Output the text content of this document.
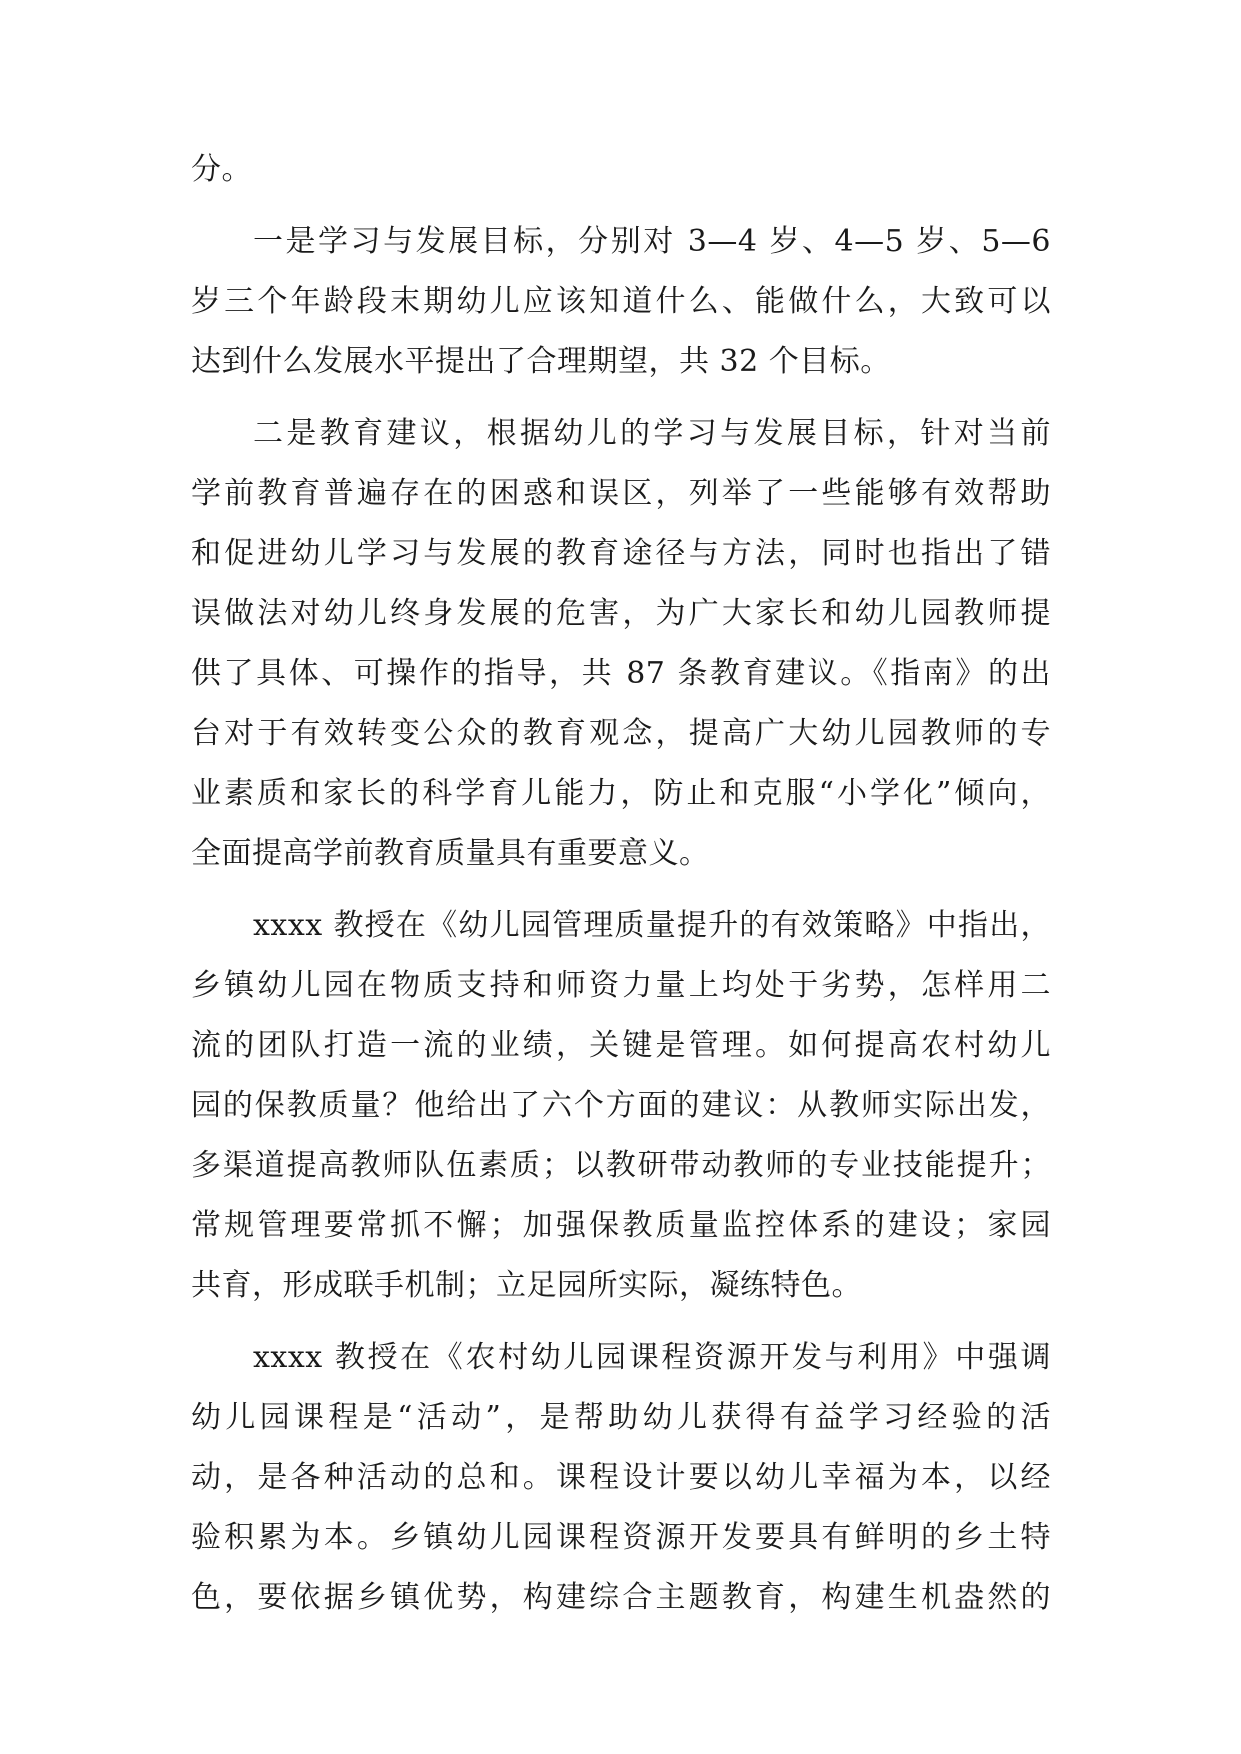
分。
一是学习与发展目标，分别对 3—4 岁、4—5 岁、5—6
岁三个年龄段末期幼儿应该知道什么、能做什么，大致可以
达到什么发展水平提出了合理期望，共 32 个目标。
二是教育建议，根据幼儿的学习与发展目标，针对当前
学前教育普遍存在的困惑和误区，列举了一些能够有效帮助
和促进幼儿学习与发展的教育途径与方法，同时也指出了错
误做法对幼儿终身发展的危害，为广大家长和幼儿园教师提
供了具体、可操作的指导，共 87 条教育建议。《指南》的出
台对于有效转变公众的教育观念，提高广大幼儿园教师的专
业素质和家长的科学育儿能力，防止和克服“小学化”倾向，
全面提高学前教育质量具有重要意义。
xxxx 教授在《幼儿园管理质量提升的有效策略》中指出，
乡镇幼儿园在物质支持和师资力量上均处于劣势，怎样用二
流的团队打造一流的业绩，关键是管理。如何提高农村幼儿
园的保教质量？他给出了六个方面的建议：从教师实际出发，
多渠道提高教师队伍素质；以教研带动教师的专业技能提升；
常规管理要常抓不懈；加强保教质量监控体系的建设；家园
共育，形成联手机制；立足园所实际，凝练特色。
xxxx 教授在《农村幼儿园课程资源开发与利用》中强调
幼儿园课程是“活动”，是帮助幼儿获得有益学习经验的活
动，是各种活动的总和。课程设计要以幼儿幸福为本，以经
验积累为本。乡镇幼儿园课程资源开发要具有鲜明的乡土特
色，要依据乡镇优势，构建综合主题教育，构建生机盎然的
